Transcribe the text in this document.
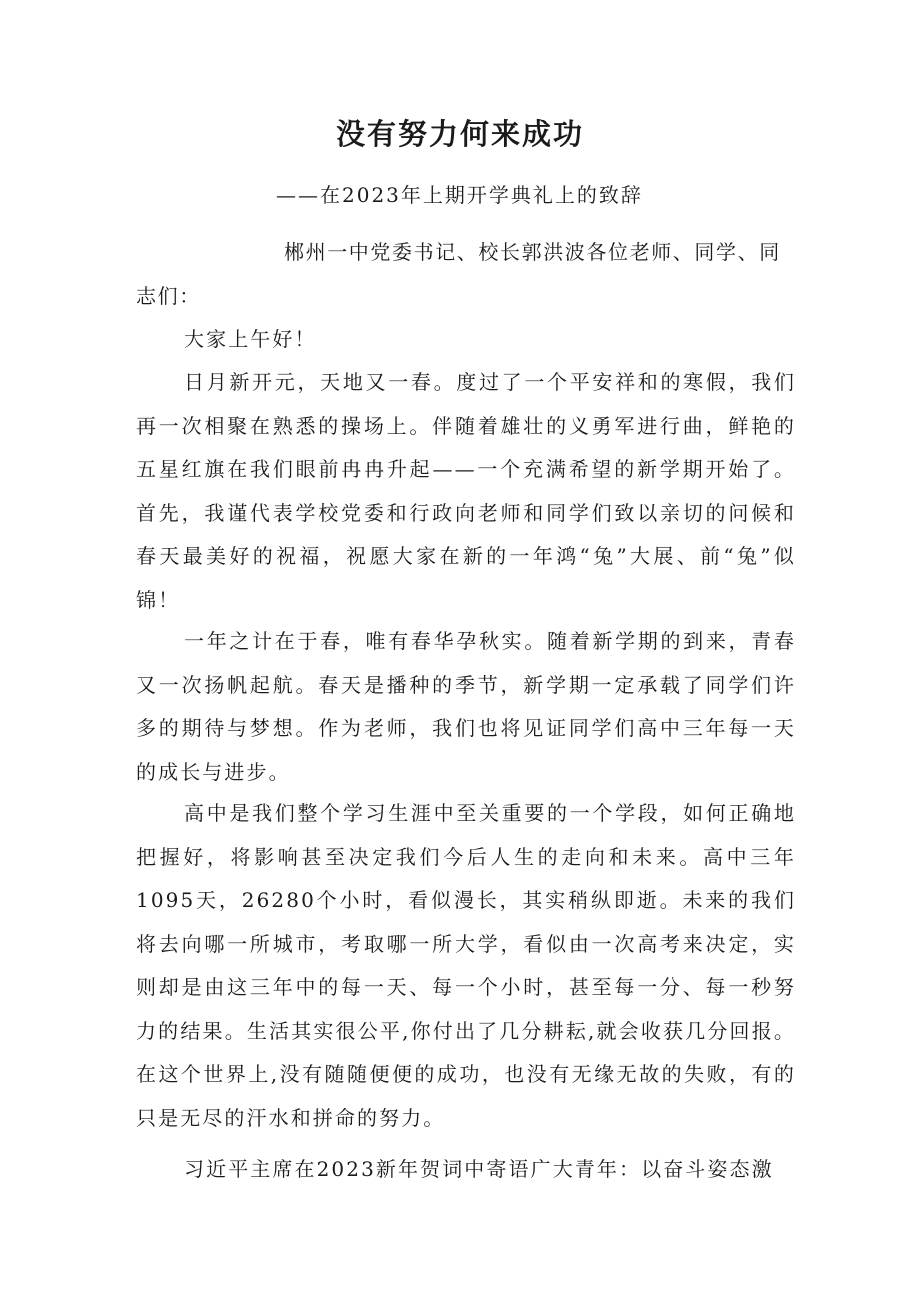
没有努力何来成功

——在2023年上期开学典礼上的致辞

郴州一中党委书记、校长郭洪波各位老师、同学、同志们：

大家上午好！

日月新开元，天地又一春。度过了一个平安祥和的寒假，我们再一次相聚在熟悉的操场上。伴随着雄壮的义勇军进行曲，鲜艳的五星红旗在我们眼前冉冉升起——一个充满希望的新学期开始了。首先，我谨代表学校党委和行政向老师和同学们致以亲切的问候和春天最美好的祝福，祝愿大家在新的一年鸿“兔”大展、前“兔”似锦！

一年之计在于春，唯有春华孕秋实。随着新学期的到来，青春又一次扬帆起航。春天是播种的季节，新学期一定承载了同学们许多的期待与梦想。作为老师，我们也将见证同学们高中三年每一天的成长与进步。

高中是我们整个学习生涯中至关重要的一个学段，如何正确地把握好，将影响甚至决定我们今后人生的走向和未来。高中三年1095天，26280个小时，看似漫长，其实稍纵即逝。未来的我们将去向哪一所城市，考取哪一所大学，看似由一次高考来决定，实则却是由这三年中的每一天、每一个小时，甚至每一分、每一秒努力的结果。生活其实很公平,你付出了几分耕耘,就会收获几分回报。在这个世界上,没有随随便便的成功，也没有无缘无故的失败，有的只是无尽的汗水和拼命的努力。

习近平主席在2023新年贺词中寄语广大青年：以奋斗姿态激
